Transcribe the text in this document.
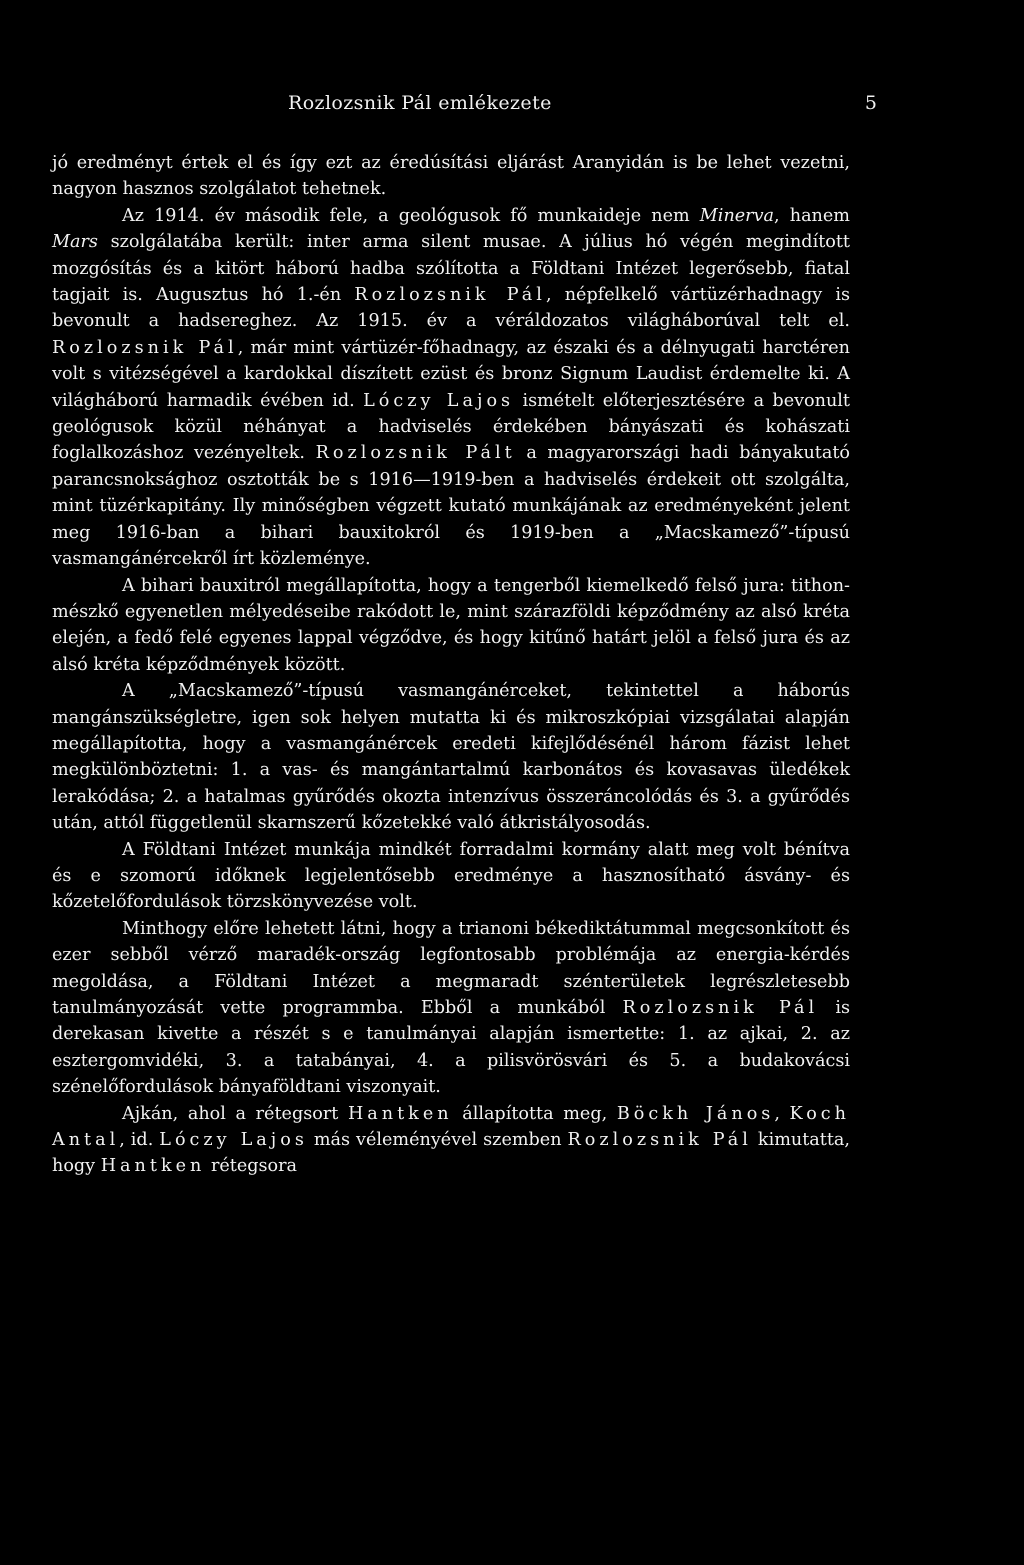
Rozlozsnik Pál emlékezete	5

jó eredményt értek el és így ezt az éredúsítási eljárást Aranyidán is be lehet vezetni, nagyon hasznos szolgálatot tehetnek.

Az 1914. év második fele, a geológusok fő munkaideje nem Minerva, hanem Mars szolgálatába került: inter arma silent musae. A július hó végén megindított mozgósítás és a kitört háború hadba szólította a Földtani Intézet legerősebb, fiatal tagjait is. Augusztus hó 1.-én Rozlozsnik Pál, népfelkelő vártüzérhadnagy is bevonult a hadsereghez. Az 1915. év a véráldozatos világháborúval telt el. Rozlozsnik Pál, már mint vártüzér-főhadnagy, az északi és a délnyugati harctéren volt s vitézségével a kardokkal díszített ezüst és bronz Signum Laudist érdemelte ki. A világháború harmadik évében id. Lóczy Lajos ismételt előterjesztésére a bevonult geológusok közül néhányat a hadviselés érdekében bányászati és kohászati foglalkozáshoz vezényeltek. Rozlozsnik Pált a magyarországi hadi bányakutató parancsnoksághoz osztották be s 1916—1919-ben a hadviselés érdekeit ott szolgálta, mint tüzérkapitány. Ily minőségben végzett kutató munkájának az eredményeként jelent meg 1916-ban a bihari bauxitokról és 1919-ben a „Macskamező”-típusú vasmangánércekről írt közleménye.

A bihari bauxitról megállapította, hogy a tengerből kiemelkedő felső jura: tithon-mészkő egyenetlen mélyedéseibe rakódott le, mint szárazföldi képződmény az alsó kréta elején, a fedő felé egyenes lappal végződve, és hogy kitűnő határt jelöl a felső jura és az alsó kréta képződmények között.

A „Macskamező”-típusú vasmangánérceket, tekintettel a háborús mangánszükségletre, igen sok helyen mutatta ki és mikroszkópiai vizsgálatai alapján megállapította, hogy a vasmangánércek eredeti kifejlődésénél három fázist lehet megkülönböztetni: 1. a vas- és mangántartalmú karbonátos és kovasavas üledékek lerakódása; 2. a hatalmas gyűrődés okozta intenzívus összeráncolódás és 3. a gyűrődés után, attól függetlenül skarnszerű kőzetekké való átkristályosodás.

A Földtani Intézet munkája mindkét forradalmi kormány alatt meg volt bénítva és e szomorú időknek legjelentősebb eredménye a hasznosítható ásvány- és kőzetelőfordulások törzskönyvezése volt.

Minthogy előre lehetett látni, hogy a trianoni békediktátummal megcsonkított és ezer sebből vérző maradék-ország legfontosabb problémája az energia-kérdés megoldása, a Földtani Intézet a megmaradt szénterületek legrészletesebb tanulmányozását vette programmba. Ebből a munkából Rozlozsnik Pál is derekasan kivette a részét s e tanulmányai alapján ismertette: 1. az ajkai, 2. az esztergomvidéki, 3. a tatabányai, 4. a pilisvörösvári és 5. a budakovácsi szénelőfordulások bányaföldtani viszonyait.

Ajkán, ahol a rétegsort Hantken állapította meg, Böckh János, Koch Antal, id. Lóczy Lajos más véleményével szemben Rozlozsnik Pál kimutatta, hogy Hantken rétegsora
